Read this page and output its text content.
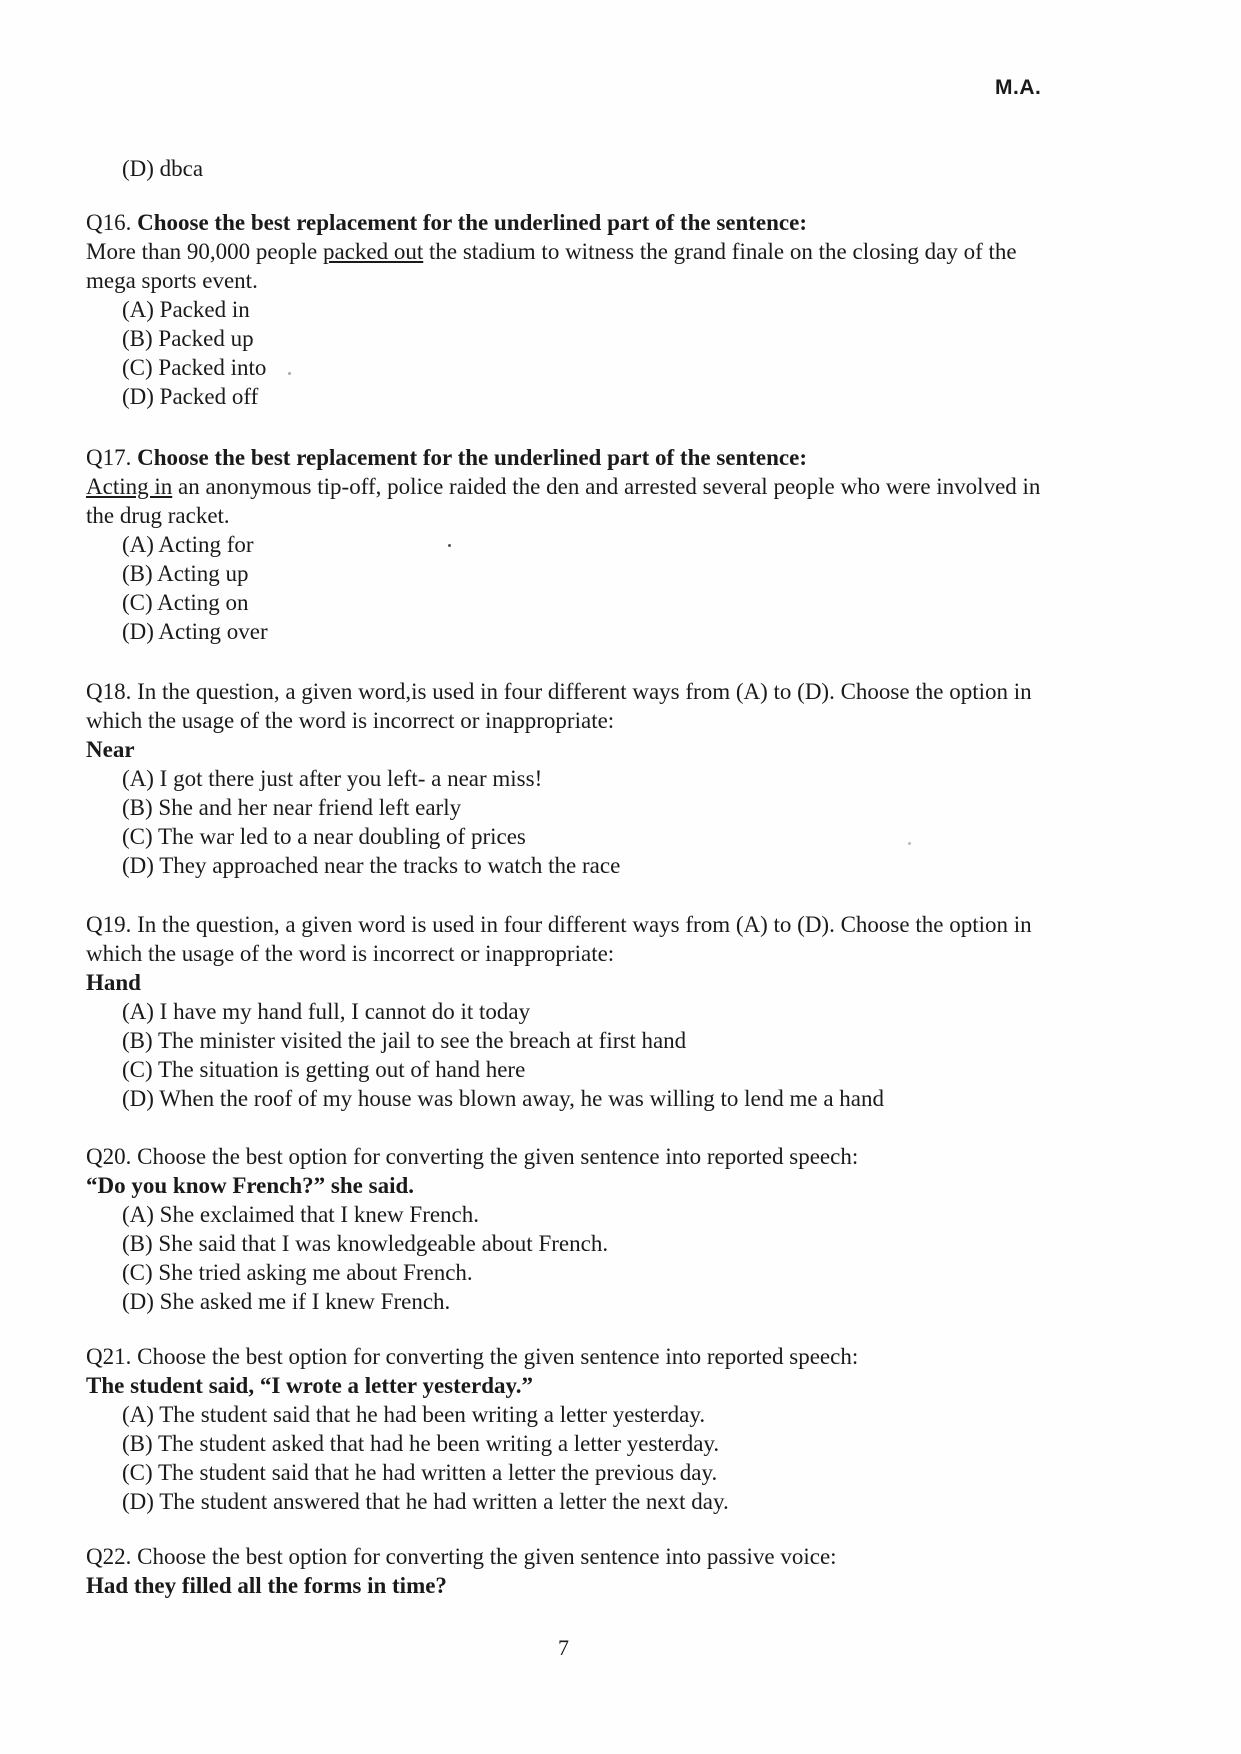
M.A.
(D) dbca

Q16. Choose the best replacement for the underlined part of the sentence:

More than 90,000 people packed out the stadium to witness the grand finale on the closing day of the mega sports event.

(A) Packed in
(B) Packed up
(C) Packed into
(D) Packed off

Q17. Choose the best replacement for the underlined part of the sentence:

Acting in an anonymous tip-off, police raided the den and arrested several people who were involved in the drug racket.

(A) Acting for
(B) Acting up
(C) Acting on
(D) Acting over

Q18. In the question, a given word,is used in four different ways from (A) to (D). Choose the option in which the usage of the word is incorrect or inappropriate:

Near

(A) I got there just after you left- a near miss!
(B) She and her near friend left early
(C) The war led to a near doubling of prices
(D) They approached near the tracks to watch the race

Q19. In the question, a given word is used in four different ways from (A) to (D). Choose the option in which the usage of the word is incorrect or inappropriate:

Hand

(A) I have my hand full, I cannot do it today
(B) The minister visited the jail to see the breach at first hand
(C) The situation is getting out of hand here
(D) When the roof of my house was blown away, he was willing to lend me a hand

Q20. Choose the best option for converting the given sentence into reported speech:

“Do you know French?” she said.

(A) She exclaimed that I knew French.
(B) She said that I was knowledgeable about French.
(C) She tried asking me about French.
(D) She asked me if I knew French.

Q21. Choose the best option for converting the given sentence into reported speech:

The student said, “I wrote a letter yesterday.”

(A) The student said that he had been writing a letter yesterday.
(B) The student asked that had he been writing a letter yesterday.
(C) The student said that he had written a letter the previous day.
(D) The student answered that he had written a letter the next day.

Q22. Choose the best option for converting the given sentence into passive voice:

Had they filled all the forms in time?

7
